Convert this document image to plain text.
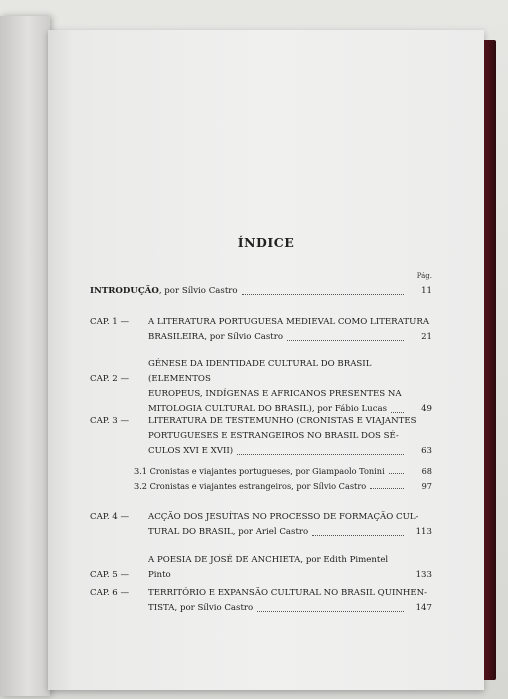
ÍNDICE
Pág.
INTRODUÇÃO , por Sílvio Castro	11
CAP. 1 —	A LITERATURA PORTUGUESA MEDIEVAL COMO LITERATURA
BRASILEIRA, por Sílvio Castro	21
CAP. 2 —
GÉNESE DA IDENTIDADE CULTURAL DO BRASIL (ELEMENTOS
EUROPEUS, INDÍGENAS E AFRICANOS PRESENTES NA
MITOLOGIA CULTURAL DO BRASIL), por Fábio Lucas	49
CAP. 3 —	LITERATURA DE TESTEMUNHO (CRONISTAS E VIAJANTES
PORTUGUESES E ESTRANGEIROS NO BRASIL DOS SÉ-
CULOS XVI E XVII)	63
3.1 Cronistas e viajantes portugueses, por Giampaolo Tonini	68
3.2 Cronistas e viajantes estrangeiros, por Sílvio Castro	97
CAP. 4 —	ACÇÃO DOS JESUÍTAS NO PROCESSO DE FORMAÇÃO CUL-
TURAL DO BRASIL, por Ariel Castro	113
CAP. 5 —
A POESIA DE JOSÉ DE ANCHIETA, por Edith Pimentel Pinto	133
CAP. 6 —	TERRITÓRIO E EXPANSÃO CULTURAL NO BRASIL QUINHEN-
TISTA, por Sílvio Castro	147
